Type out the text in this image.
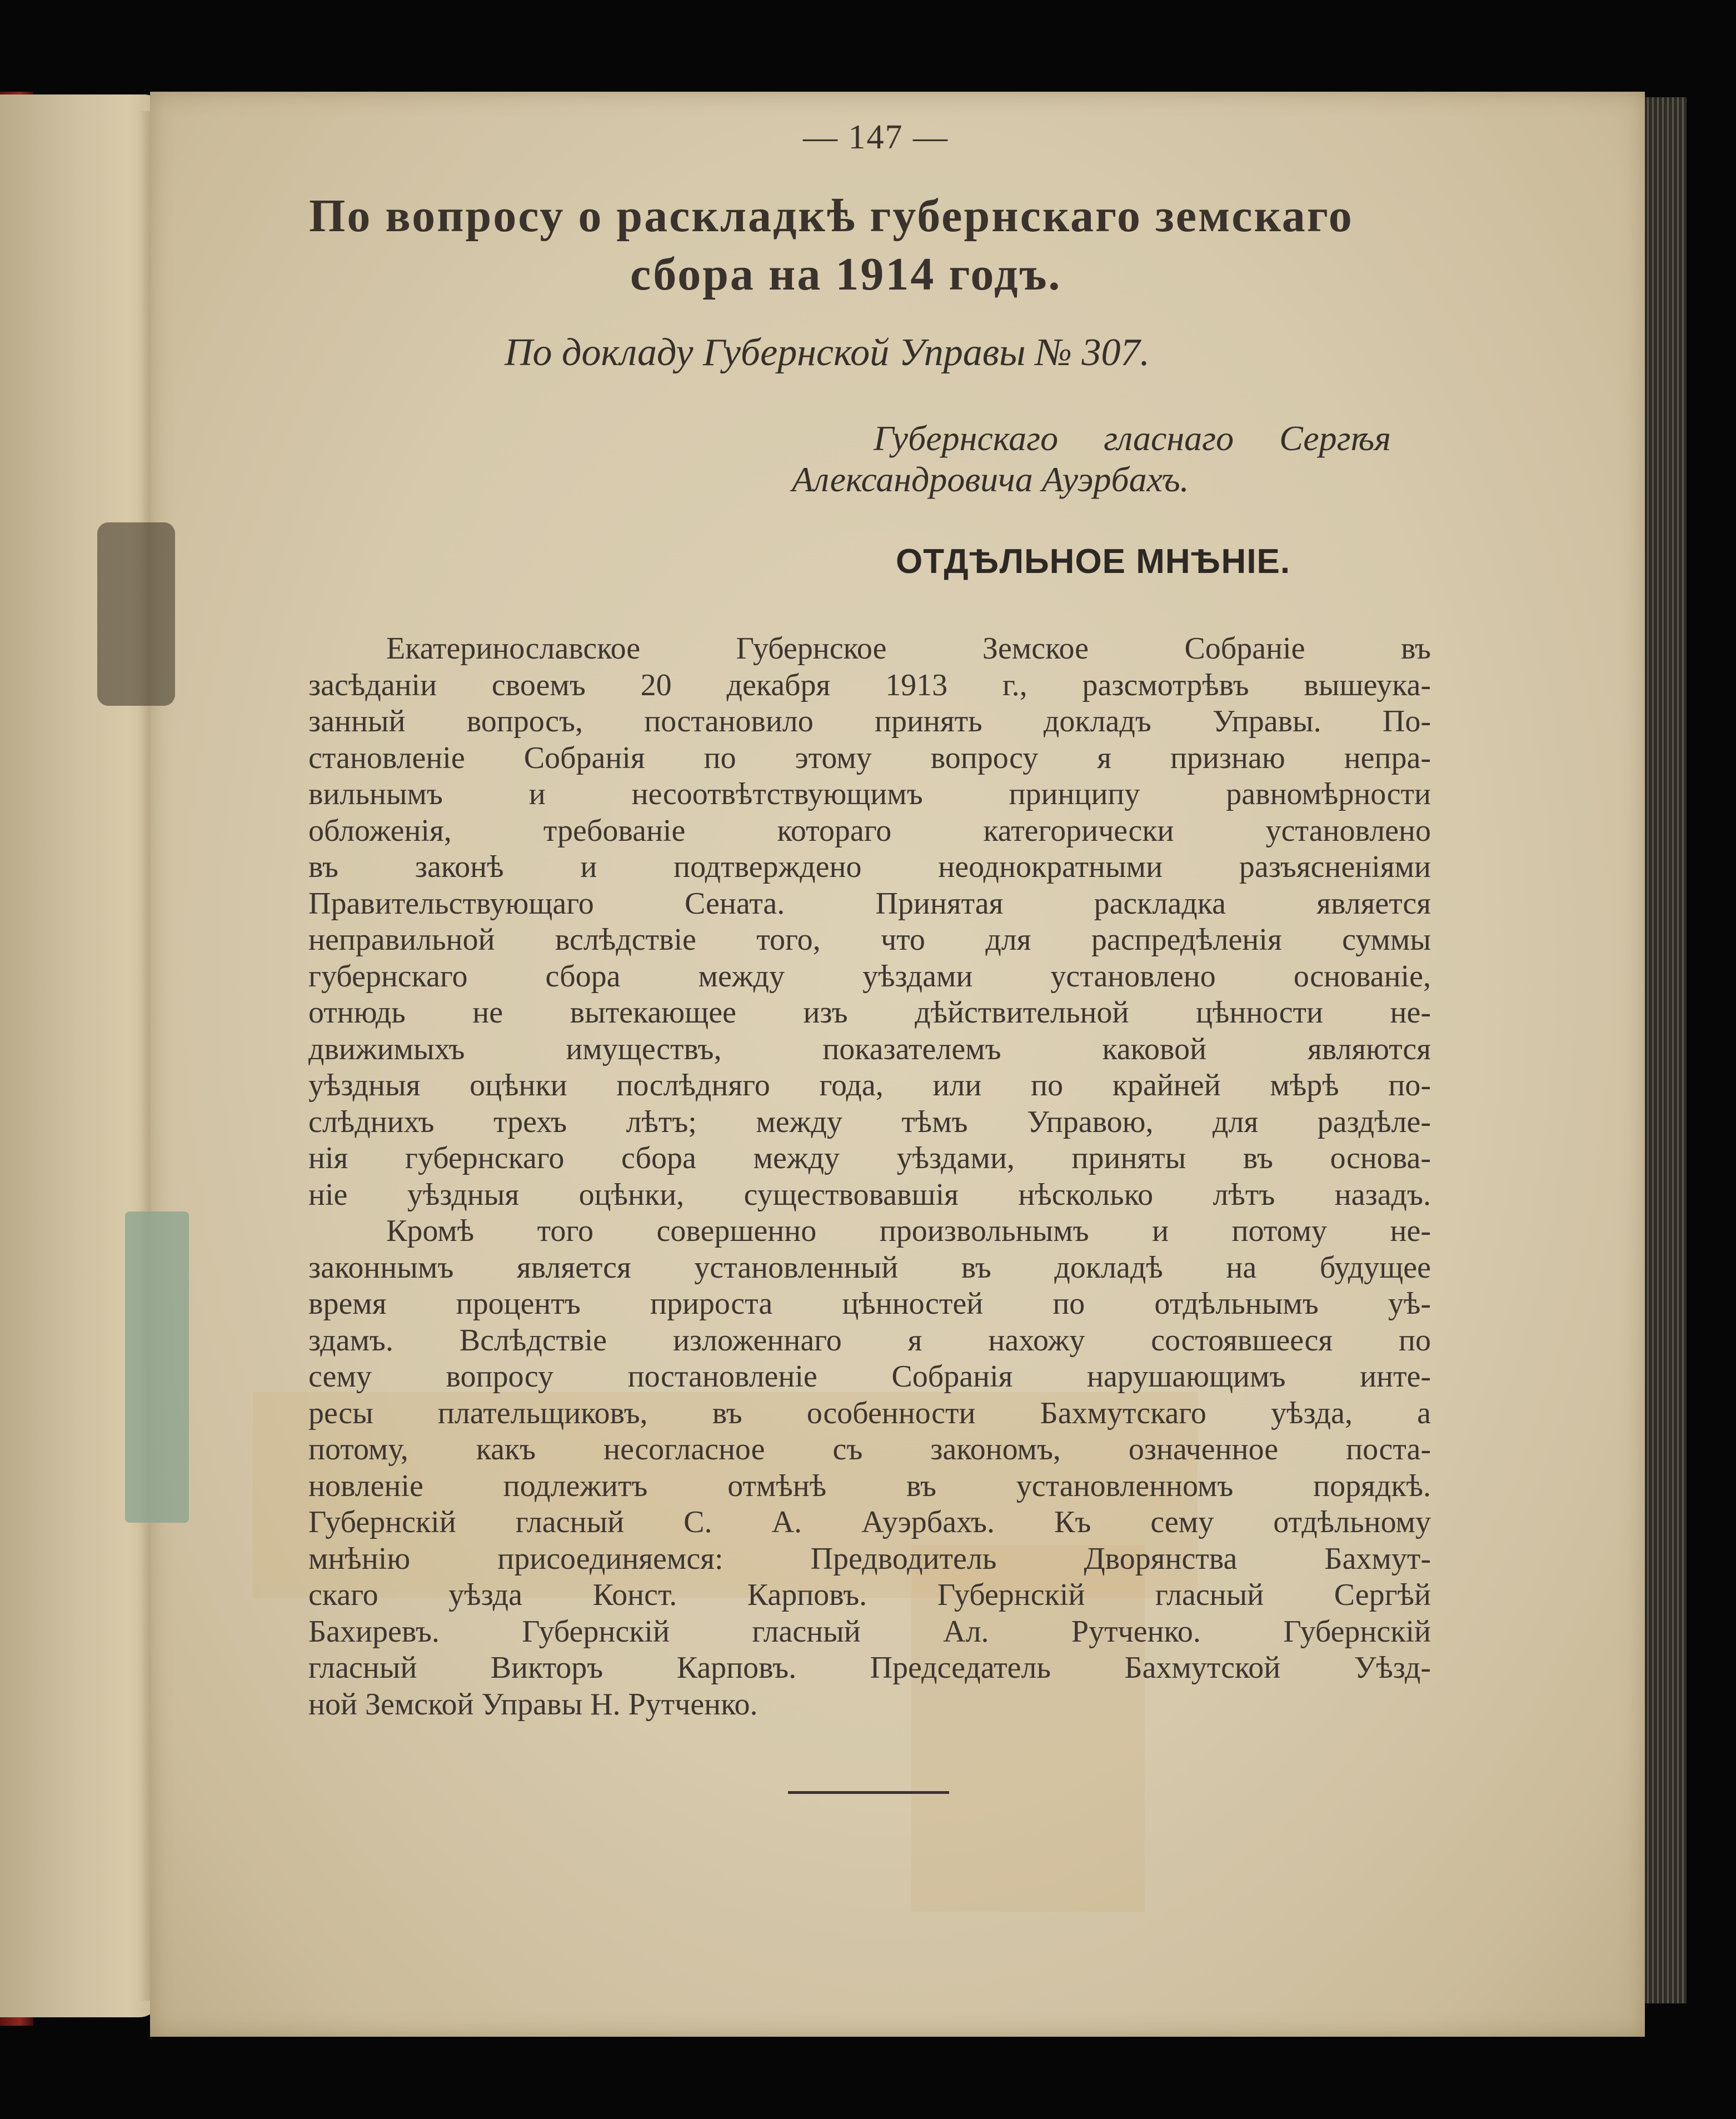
— 147 —
По вопросу о раскладкѣ губернскаго земскаго
сбора на 1914 годъ.
По докладу Губернской Управы № 307.
Губернскаго гласнаго Сергѣя
Александровича Ауэрбахъ.
ОТДѢЛЬНОЕ МНѢНІЕ.
Екатеринославское Губернское Земское Собраніе въ
засѣданіи своемъ 20 декабря 1913 г., разсмотрѣвъ вышеука-
занный вопросъ, постановило принять докладъ Управы. По-
становленіе Собранія по этому вопросу я признаю непра-
вильнымъ и несоотвѣтствующимъ принципу равномѣрности
обложенія, требованіе котораго категорически установлено
въ законѣ и подтверждено неоднократными разъясненіями
Правительствующаго Сената. Принятая раскладка является
неправильной вслѣдствіе того, что для распредѣленія суммы
губернскаго сбора между уѣздами установлено основаніе,
отнюдь не вытекающее изъ дѣйствительной цѣнности не-
движимыхъ имуществъ, показателемъ каковой являются
уѣздныя оцѣнки послѣдняго года, или по крайней мѣрѣ по-
слѣднихъ трехъ лѣтъ; между тѣмъ Управою, для раздѣле-
нія губернскаго сбора между уѣздами, приняты въ основа-
ніе уѣздныя оцѣнки, существовавшія нѣсколько лѣтъ назадъ.
Кромѣ того совершенно произвольнымъ и потому не-
законнымъ является установленный въ докладѣ на будущее
время процентъ прироста цѣнностей по отдѣльнымъ уѣ-
здамъ. Вслѣдствіе изложеннаго я нахожу состоявшееся по
сему вопросу постановленіе Собранія нарушающимъ инте-
ресы плательщиковъ, въ особенности Бахмутскаго уѣзда, а
потому, какъ несогласное съ закономъ, означенное поста-
новленіе подлежитъ отмѣнѣ въ установленномъ порядкѣ.
Губернскій гласный С. А. Ауэрбахъ. Къ сему отдѣльному
мнѣнію присоединяемся: Предводитель Дворянства Бахмут-
скаго уѣзда Конст. Карповъ. Губернскій гласный Сергѣй
Бахиревъ. Губернскій гласный Ал. Рутченко. Губернскій
гласный Викторъ Карповъ. Председатель Бахмутской Уѣзд-
ной Земской Управы Н. Рутченко.
